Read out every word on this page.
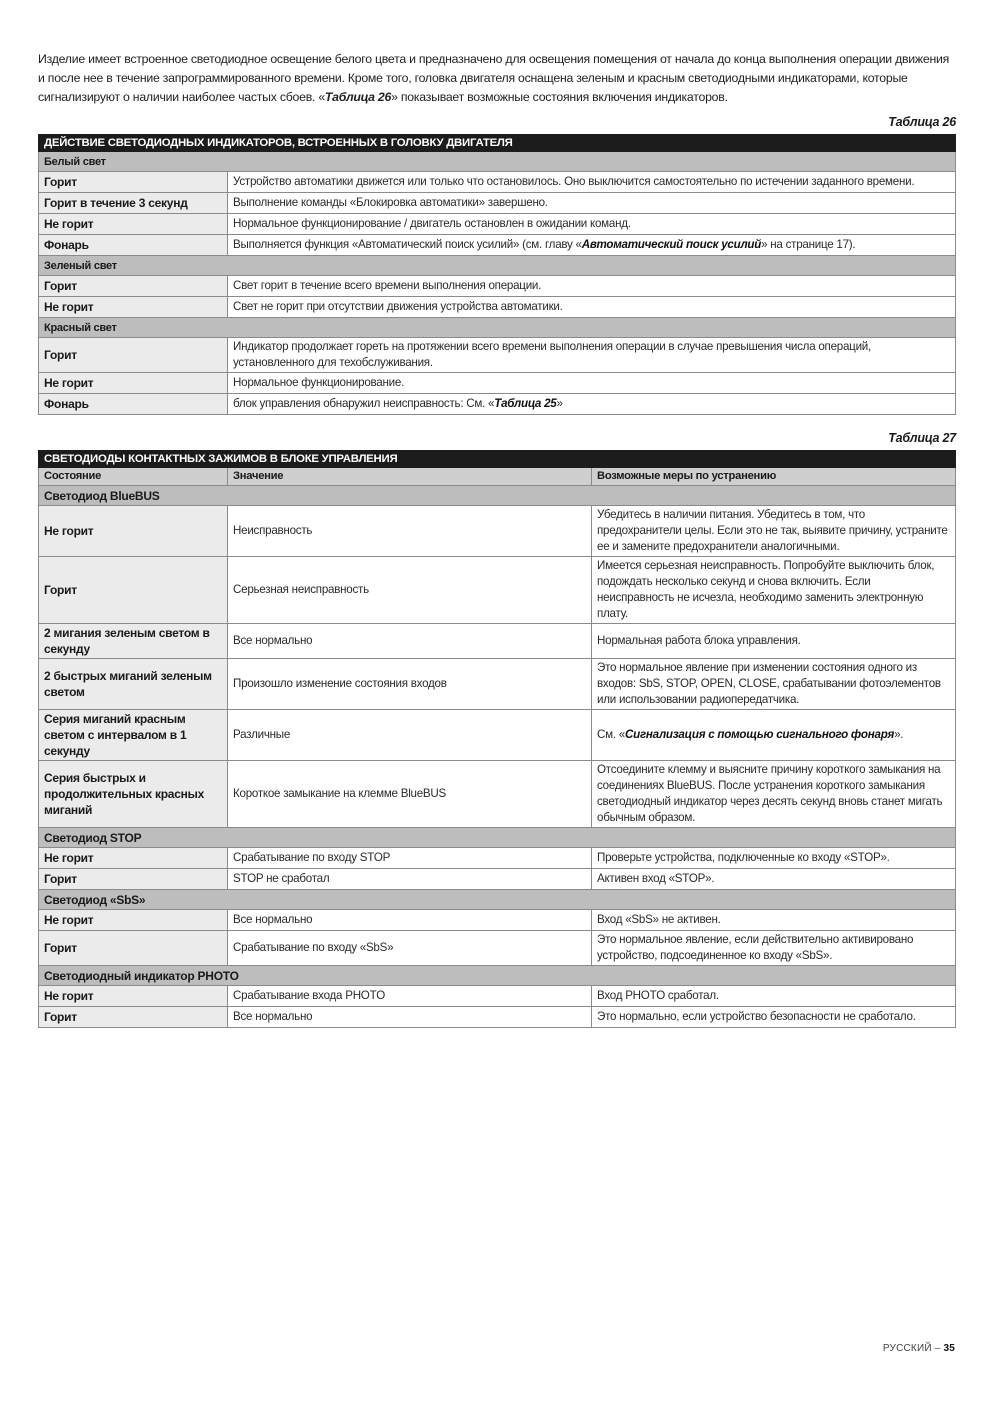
Изделие имеет встроенное светодиодное освещение белого цвета и предназначено для освещения помещения от начала до конца выполнения операции движения и после нее в течение запрограммированного времени. Кроме того, головка двигателя оснащена зеленым и красным светодиодными индикаторами, которые сигнализируют о наличии наиболее частых сбоев. «Таблица 26» показывает возможные состояния включения индикаторов.

Таблица 26
ДЕЙСТВИЕ СВЕТОДИОДНЫХ ИНДИКАТОРОВ, ВСТРОЕННЫХ В ГОЛОВКУ ДВИГАТЕЛЯ	
Белый свет	
Горит	Устройство автоматики движется или только что остановилось. Оно выключится самостоятельно по истечении заданного времени.
Горит в течение 3 секунд	Выполнение команды «Блокировка автоматики» завершено.
Не горит	Нормальное функционирование / двигатель остановлен в ожидании команд.
Фонарь	Выполняется функция «Автоматический поиск усилий» (см. главу «Автоматический поиск усилий» на странице 17).
Зеленый свет	
Горит	Свет горит в течение всего времени выполнения операции.
Не горит	Свет не горит при отсутствии движения устройства автоматики.
Красный свет	
Горит	Индикатор продолжает гореть на протяжении всего времени выполнения операции в случае превышения числа операций, установленного для техобслуживания.
Не горит	Нормальное функционирование.
Фонарь	блок управления обнаружил неисправность: См. «Таблица 25»
Таблица 27
СВЕТОДИОДЫ КОНТАКТНЫХ ЗАЖИМОВ В БЛОКЕ УПРАВЛЕНИЯ		
Состояние	Значение	Возможные меры по устранению
Светодиод BlueBUS		
Не горит	Неисправность	Убедитесь в наличии питания. Убедитесь в том, что предохранители целы. Если это не так, выявите причину, устраните ее и замените предохранители аналогичными.
Горит	Серьезная неисправность	Имеется серьезная неисправность. Попробуйте выключить блок, подождать несколько секунд и снова включить. Если неисправность не исчезла, необходимо заменить электронную плату.
2 мигания зеленым светом в секунду	Все нормально	Нормальная работа блока управления.
2 быстрых миганий зеленым светом	Произошло изменение состояния входов	Это нормальное явление при изменении состояния одного из входов: SbS, STOP, OPEN, CLOSE, срабатывании фотоэлементов или использовании радиопередатчика.
Серия миганий красным светом с интервалом в 1 секунду	Различные	См. «Сигнализация с помощью сигнального фонаря».
Серия быстрых и продолжительных красных миганий	Короткое замыкание на клемме BlueBUS	Отсоедините клемму и выясните причину короткого замыкания на соединениях BlueBUS. После устранения короткого замыкания светодиодный индикатор через десять секунд вновь станет мигать обычным образом.
Светодиод STOP		
Не горит	Срабатывание по входу STOP	Проверьте устройства, подключенные ко входу «STOP».
Горит	STOP не сработал	Активен вход «STOP».
Светодиод «SbS»		
Не горит	Все нормально	Вход «SbS» не активен.
Горит	Срабатывание по входу «SbS»	Это нормальное явление, если действительно активировано устройство, подсоединенное ко входу «SbS».
Светодиодный индикатор PHOTO		
Не горит	Срабатывание входа PHOTO	Вход PHOTO сработал.
Горит	Все нормально	Это нормально, если устройство безопасности не сработало.
РУССКИЙ – 35
